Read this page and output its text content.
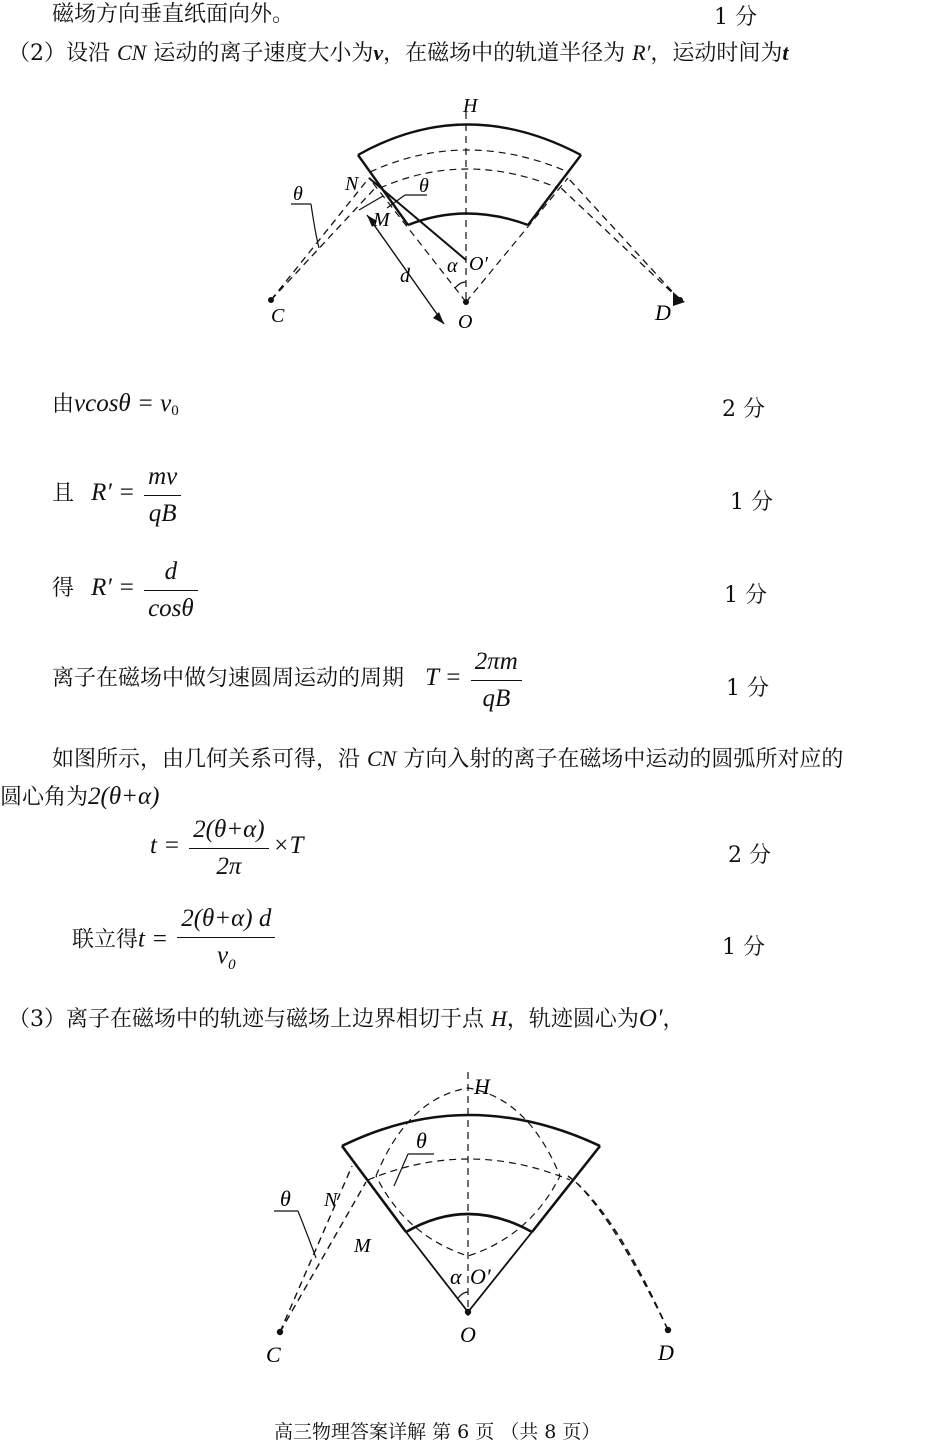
磁场方向垂直纸面向外。	1 分
（2）设沿 CN 运动的离子速度大小为v，在磁场中的轨道半径为 R′，运动时间为t
H
N
M
θ	θ
α O′
d
O
C	D
由$vcos\theta = v_0$	2 分
且 $R' = \frac{mv}{qB}$	1 分
得 $R' = \frac{d}{\cos\theta}$	1 分
离子在磁场中做匀速圆周运动的周期 $T = \frac{2\pi m}{qB}$	1 分
如图所示，由几何关系可得，沿 CN 方向入射的离子在磁场中运动的圆弧所对应的
圆心角为2(θ+α)
$t = \frac{2(\theta+\alpha)}{2\pi} \times T$	2 分
联立得$t = \frac{2(\theta+\alpha) d}{v_0}$	1 分
（3）离子在磁场中的轨迹与磁场上边界相切于点 H，轨迹圆心为O′，
H
N
M
θ
θ
α O′
O
C	D
高三物理答案详解 第 6 页 （共 8 页）
